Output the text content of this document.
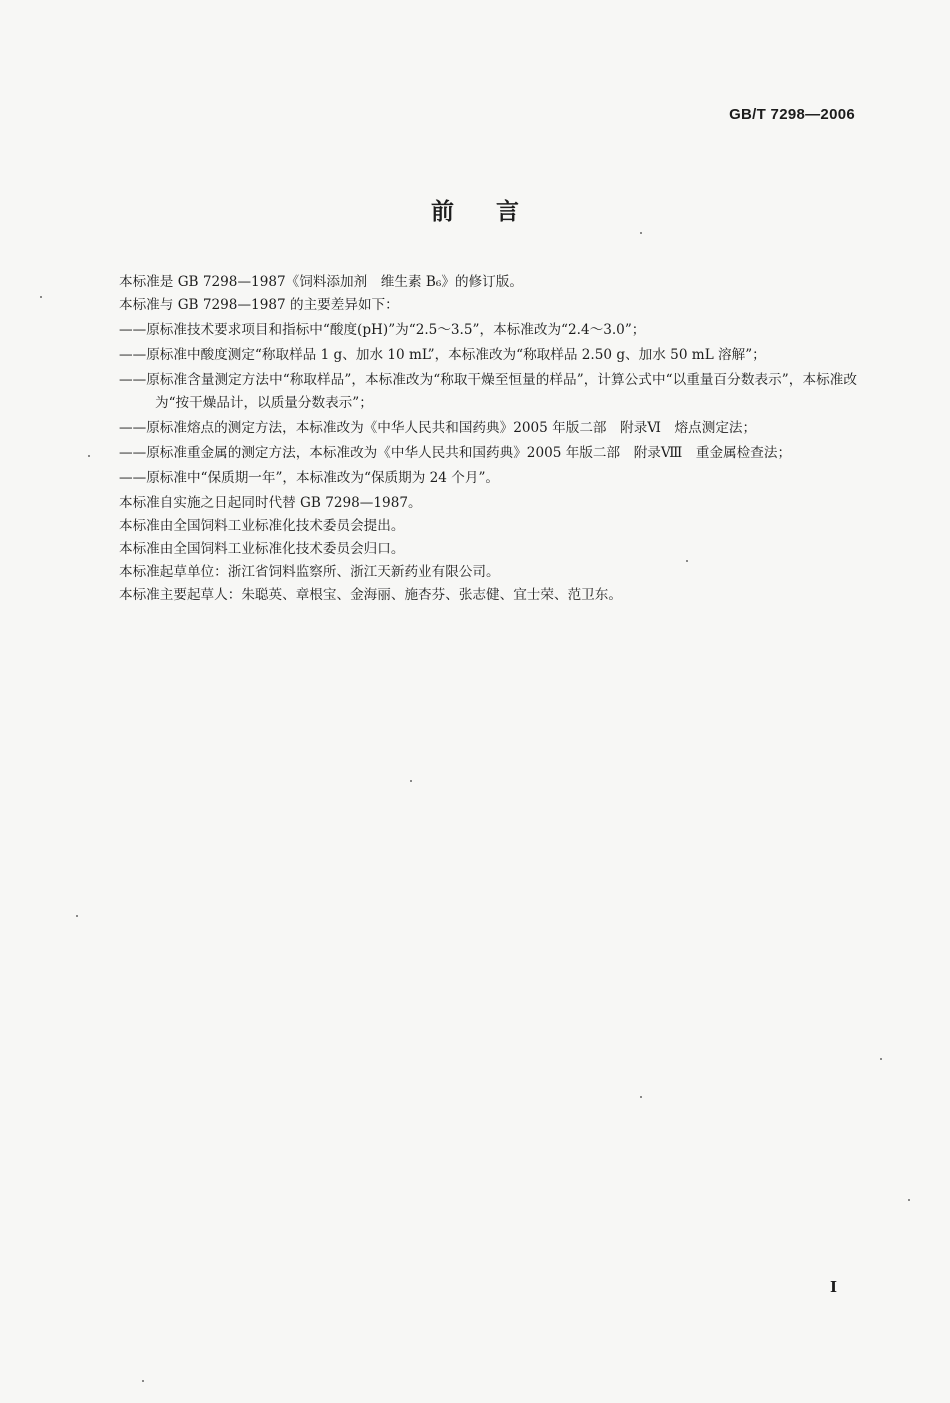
GB/T 7298—2006
前言

本标准是 GB 7298—1987《饲料添加剂　维生素 B₆》的修订版。

本标准与 GB 7298—1987 的主要差异如下：

——原标准技术要求项目和指标中“酸度(pH)”为“2.5～3.5”，本标准改为“2.4～3.0”；

——原标准中酸度测定“称取样品 1 g、加水 10 mL”，本标准改为“称取样品 2.50 g、加水 50 mL 溶解”；

——原标准含量测定方法中“称取样品”，本标准改为“称取干燥至恒量的样品”，计算公式中“以重量百分数表示”，本标准改为“按干燥品计，以质量分数表示”；

——原标准熔点的测定方法，本标准改为《中华人民共和国药典》2005 年版二部　附录Ⅵ　熔点测定法；

——原标准重金属的测定方法，本标准改为《中华人民共和国药典》2005 年版二部　附录Ⅷ　重金属检查法；

——原标准中“保质期一年”，本标准改为“保质期为 24 个月”。

本标准自实施之日起同时代替 GB 7298—1987。

本标准由全国饲料工业标准化技术委员会提出。

本标准由全国饲料工业标准化技术委员会归口。

本标准起草单位：浙江省饲料监察所、浙江天新药业有限公司。

本标准主要起草人：朱聪英、章根宝、金海丽、施杏芬、张志健、宜士荣、范卫东。

I
